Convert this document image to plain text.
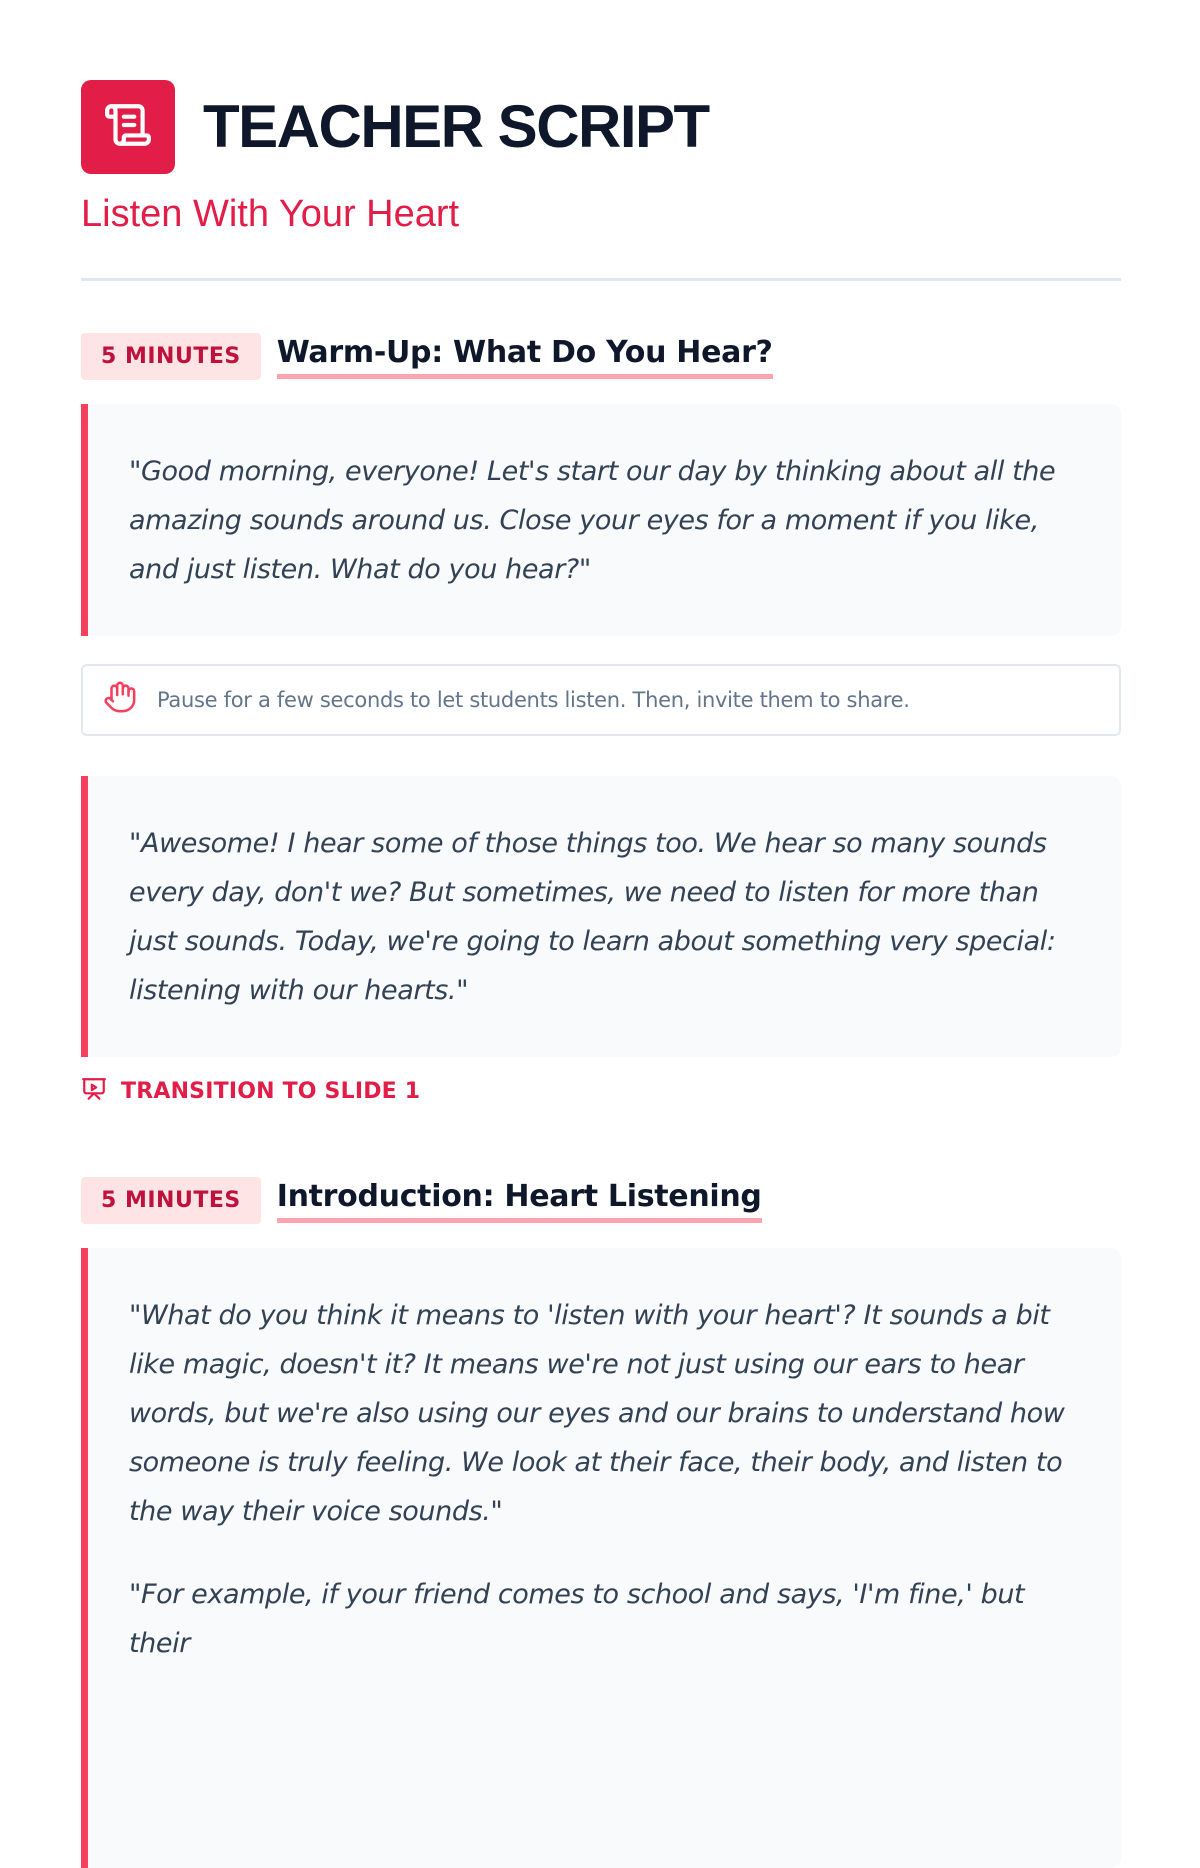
TEACHER SCRIPT
Listen With Your Heart
5 MINUTES	Warm-Up: What Do You Hear?

"Good morning, everyone! Let's start our day by thinking about all the amazing sounds around us. Close your eyes for a moment if you like, and just listen. What do you hear?"

Pause for a few seconds to let students listen. Then, invite them to share.

"Awesome! I hear some of those things too. We hear so many sounds every day, don't we? But sometimes, we need to listen for more than just sounds. Today, we're going to learn about something very special: listening with our hearts."

TRANSITION TO SLIDE 1
5 MINUTES	Introduction: Heart Listening

"What do you think it means to 'listen with your heart'? It sounds a bit like magic, doesn't it? It means we're not just using our ears to hear words, but we're also using our eyes and our brains to understand how someone is truly feeling. We look at their face, their body, and listen to the way their voice sounds."

"For example, if your friend comes to school and says, 'I'm fine,' but their
